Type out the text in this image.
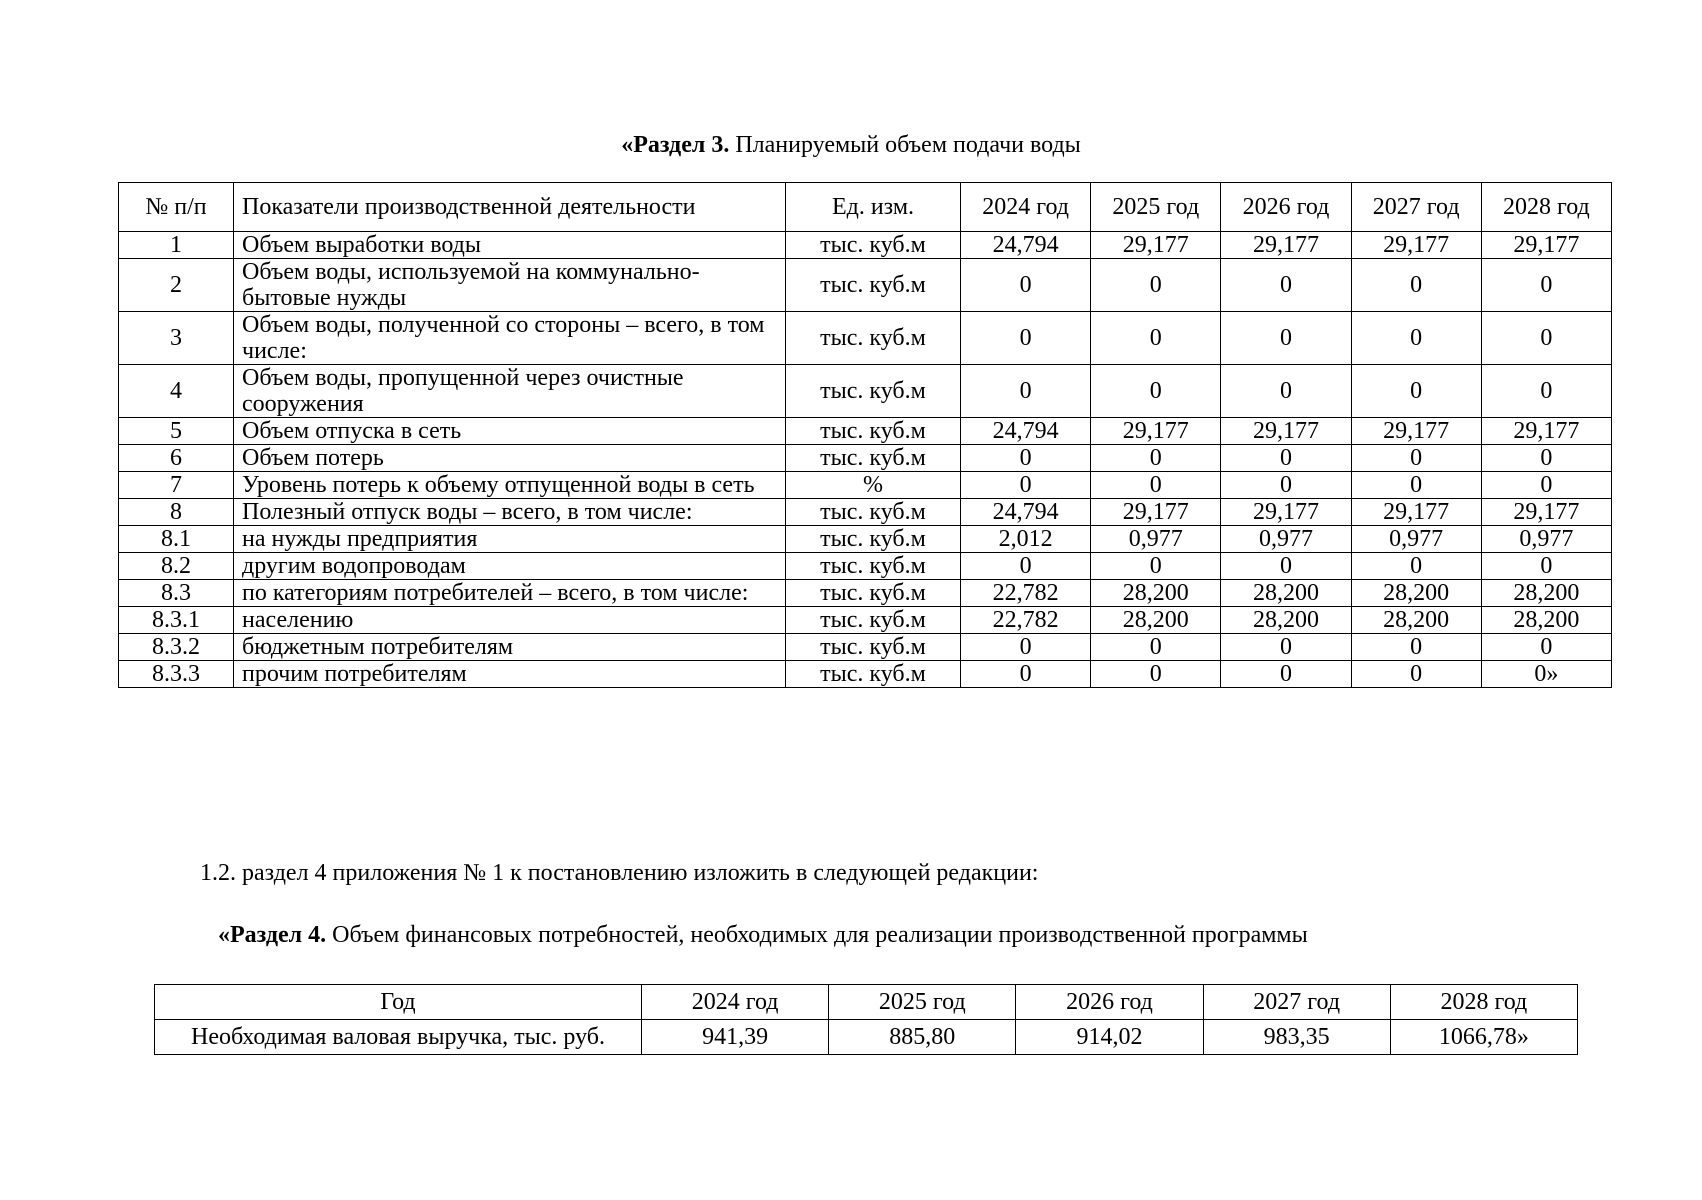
«Раздел 3. Планируемый объем подачи воды
№ п/п	Показатели производственной деятельности	Ед. изм.	2024 год	2025 год	2026 год	2027 год	2028 год
1	Объем выработки воды	тыс. куб.м	24,794	29,177	29,177	29,177	29,177
2	Объем воды, используемой на коммунально-бытовые нужды	тыс. куб.м	0	0	0	0	0
3	Объем воды, полученной со стороны – всего, в том числе:	тыс. куб.м	0	0	0	0	0
4	Объем воды, пропущенной через очистные сооружения	тыс. куб.м	0	0	0	0	0
5	Объем отпуска в сеть	тыс. куб.м	24,794	29,177	29,177	29,177	29,177
6	Объем потерь	тыс. куб.м	0	0	0	0	0
7	Уровень потерь к объему отпущенной воды в сеть	%	0	0	0	0	0
8	Полезный отпуск воды – всего, в том числе:	тыс. куб.м	24,794	29,177	29,177	29,177	29,177
8.1	на нужды предприятия	тыс. куб.м	2,012	0,977	0,977	0,977	0,977
8.2	другим водопроводам	тыс. куб.м	0	0	0	0	0
8.3	по категориям потребителей – всего, в том числе:	тыс. куб.м	22,782	28,200	28,200	28,200	28,200
8.3.1	населению	тыс. куб.м	22,782	28,200	28,200	28,200	28,200
8.3.2	бюджетным потребителям	тыс. куб.м	0	0	0	0	0
8.3.3	прочим потребителям	тыс. куб.м	0	0	0	0	0»
1.2. раздел 4 приложения № 1 к постановлению изложить в следующей редакции:
«Раздел 4. Объем финансовых потребностей, необходимых для реализации производственной программы
Год	2024 год	2025 год	2026 год	2027 год	2028 год
Необходимая валовая выручка, тыс. руб.	941,39	885,80	914,02	983,35	1066,78»
